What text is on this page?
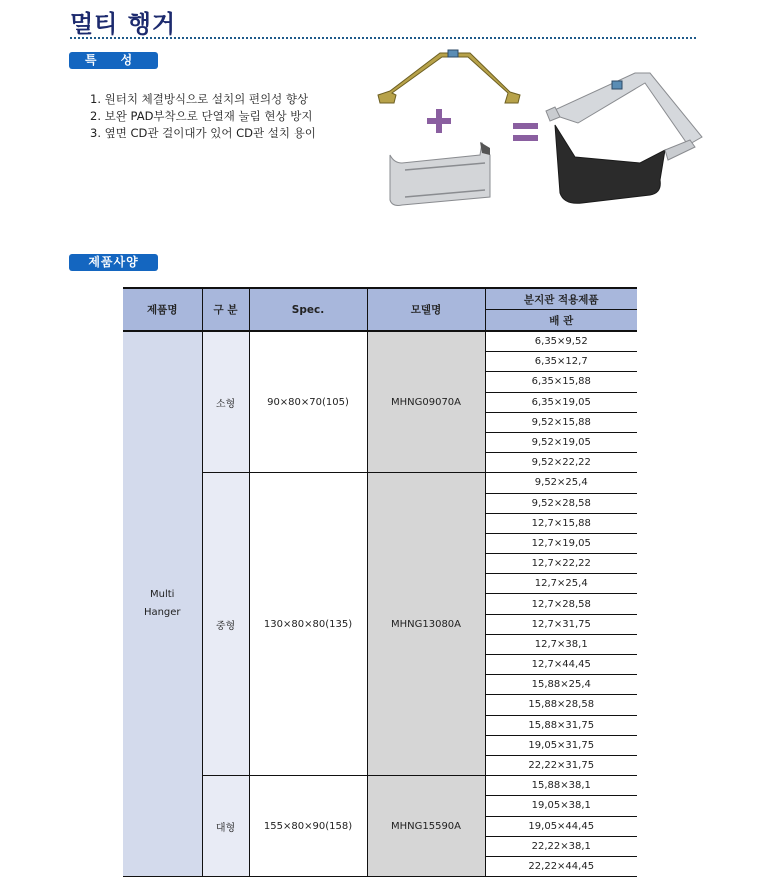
멀티 행거
특 성
1. 원터치 체결방식으로 설치의 편의성 향상
2. 보완 PAD부착으로 단열재 눌림 현상 방지
3. 옆면 CD관 걸이대가 있어 CD관 설치 용이
제품사양
제품명	구 분	Spec.	모델명	분지관 적용제품
				배 관

Multi
Hanger	소형	90×80×70(105)	MHNG09070A	6,35×9,52
				6,35×12,7
				6,35×15,88
				6,35×19,05
				9,52×15,88
				9,52×19,05
				9,52×22,22
	중형	130×80×80(135)	MHNG13080A	9,52×25,4
				9,52×28,58
				12,7×15,88
				12,7×19,05
				12,7×22,22
				12,7×25,4
				12,7×28,58
				12,7×31,75
				12,7×38,1
				12,7×44,45
				15,88×25,4
				15,88×28,58
				15,88×31,75
				19,05×31,75
				22,22×31,75
	대형	155×80×90(158)	MHNG15590A	15,88×38,1
				19,05×38,1
				19,05×44,45
				22,22×38,1
				22,22×44,45
